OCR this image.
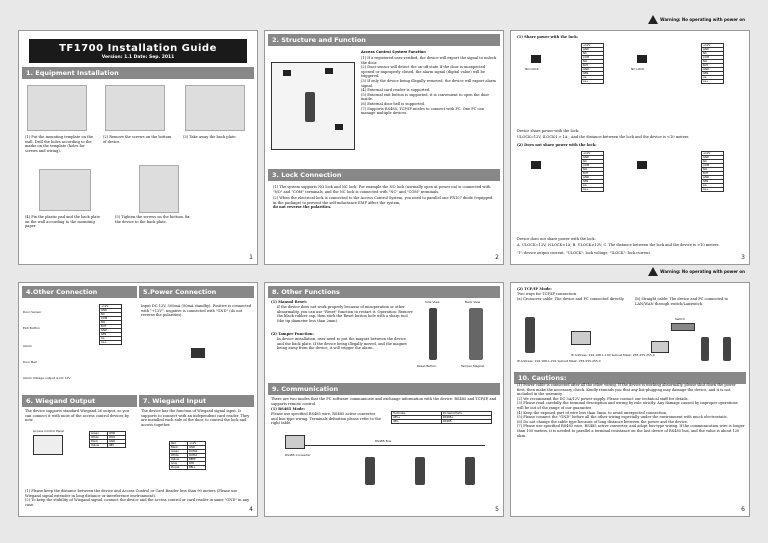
TF1700 Installation Guide
Version: 1.1 Date: Sep. 2011
1. Equipment Installation
(1) Put the mounting template on the wall. Drill the holes according to the marks on the template (holes for screws and wiring).
(2) Remove the screws on the bottom of device.
(3) Take away the back plate.
(4) Fix the plastic pad and the back plate on the wall according to the mounting paper.
(5) Tighten the screws on the bottom, fix the device to the back plate.
1
2. Structure and Function
Access Control System Function
(1) If a registered user verified, the device will export the signal to unlock the door.
(2) Door sensor will detect the on-off state If the door is unexpected opened or improperly closed, the alarm signal (digital value) will be triggered.
(3) If only the device being illegally removed, the device will export alarm signal.
(4) External card reader is supported.
(5) External exit button is supported, it is convenient to open the door inside.
(6) External door bell is supported.
(7) Supports RS485, TCP/IP modes to connect with PC. One PC can manage multiple devices.
3. Lock Connection
(1) The system supports NO lock and NC lock. For example the NO lock (normally open at power on) is connected with "NO" and "COM" terminals, and the NC lock is connected with "NC" and "COM" terminals.
(2) When the electrical lock is connected to the Access Control System, you need to parallel one FR107 diode (equipped in the package) to prevent the self-inductance EMF affect the system,
do not reverse the polarities.
2
Warning: No operating with power on
(1) Share power with the lock:
NO LOCK	NC LOCK
+12V
GND
NC
COM
NO
BUT
GND
SEN
AL-
AL+
+12V
GND
NC
COM
NO
BUT
GND
SEN
AL-
AL+
Device share power with the lock:
ULOCK=12V, ILOCK-I > 1A ; And the distance between the lock and the device is <10 meters.
(2) Does not share power with the lock:
+12V
GND
NC
COM
NO
BUT
GND
SEN
AL-
AL+
+12V
GND
NC
COM
NO
BUT
GND
SEN
AL-
AL+
Device does not share power with the lock:
A. ULOCK=12V, I-ILOCK<1A; B. ULOCK≠12V; C. The distance between the lock and the device is >10 meters.
"I": device output current, "ULOCK": lock voltage, "ILOCK": lock current.
3
4.Other Connection	5.Power Connection
Door Sensor
Exit Button
Alarm
Door Bell
Alarm Voltage output ≤ DC 12V
+12V
GND
NC
COM
NO
BUT
GND
SEN
AL-
AL+
Input DC 12V, 500mA (50mA standby). Positive is connected with "+12V", negative is connected with "GND" (do not reverse the polarities).
6. Wiegand Output	7. Wiegand Input
The device supports standard Wiegand 26 output, so you can connect it with most of the access control devices by now.
The device has the function of Wiegand signal input. It supports to connect with an independent card reader. They are installed each side of the door, to control the lock and access together.
Access Control Panel
Green	WD0
White	WD1
Black	GND
Yellow	485
Red	+12V
Black	GND
Green	DATA0
White	DATA1
Yellow	BEEP
Gray	LED
Purple	BELL
(1) Please keep the distance between the device and Access Control or Card Reader less than 90 meters (Please use Wiegand signal extender in long distance or interference environment).
(2) To keep the stability of Wiegand signal, connect the device and the access control or card reader in same "GND" in any case.
4
8. Other Functions
(1) Manual Reset:
If the device does not work properly because of misoperation or other abnormality, you can use "Reset" function to restart it. Operation: Remove the black rubber cap, then stick the Reset button hole with a sharp tool (the tip diameter less than 2mm).
(2) Tamper Function:
In device installation, user need to put the magnet between the device and the back plate. If the device being illegally moved, and the magnet being away from the device, it will trigger the alarm.
Side View	Back View
Reset Button	Tamper Magnet
9. Communication
There are two modes that the PC software communicate and exchange information with the device: RS485 and TCP/IP, and supports remote control.
(1) RS485 Mode:
Please use specified RS485 wire, RS485 active converter and bus-type wiring. Terminals definition please refer to the right table.
Terminals	PC Serial Ports
485+	RS485+
485-	RS485-
RS485 Converter
RS485 Bus
5
Warning: No operating with power on
(2) TCP/IP Mode:
Two ways for TCP/IP connection.
(a) Crossover cable: The device and PC connected directly.	(b) Straight cable: The device and PC connected to LAN/WAN through switch/Lanswitch.
IP Address: 192.168.1.201 Subnet Mask: 255.255.255.0
IP Address: 192.168.1.130 Subnet Mask: 255.255.255.0
Switch
10. Cautions:
(1) Power cable is connected after all the other wiring. If the device is working abnormally, please shut down the power first, then make the necessary check. Kindly reminds you that any hot-plugging may damage the device, and it is not included in the warranty.
(2) We recommend the DC 3A/12V power supply. Please contact our technical staff for details.
(3) Please read carefully the terminal description and wiring by rule strictly. Any damage caused by improper operations will be out of the range of our guarantee.
(4) Keep the exposed part of wire less than 5mm, to avoid unexpected connection.
(5) Please connect the "GND" before all the other wiring especially under the environment with much electrostatic.
(6) Do not change the cable type because of long distance between the power and the device.
(7) Please use specified RS485 wire, RS485 active converter, and adopt bus-type wiring. If the communication wire is longer than 100 meters, it is needed to parallel a terminal resistance on the last device of RS485 bus, and the value is about 120 ohm.
6
